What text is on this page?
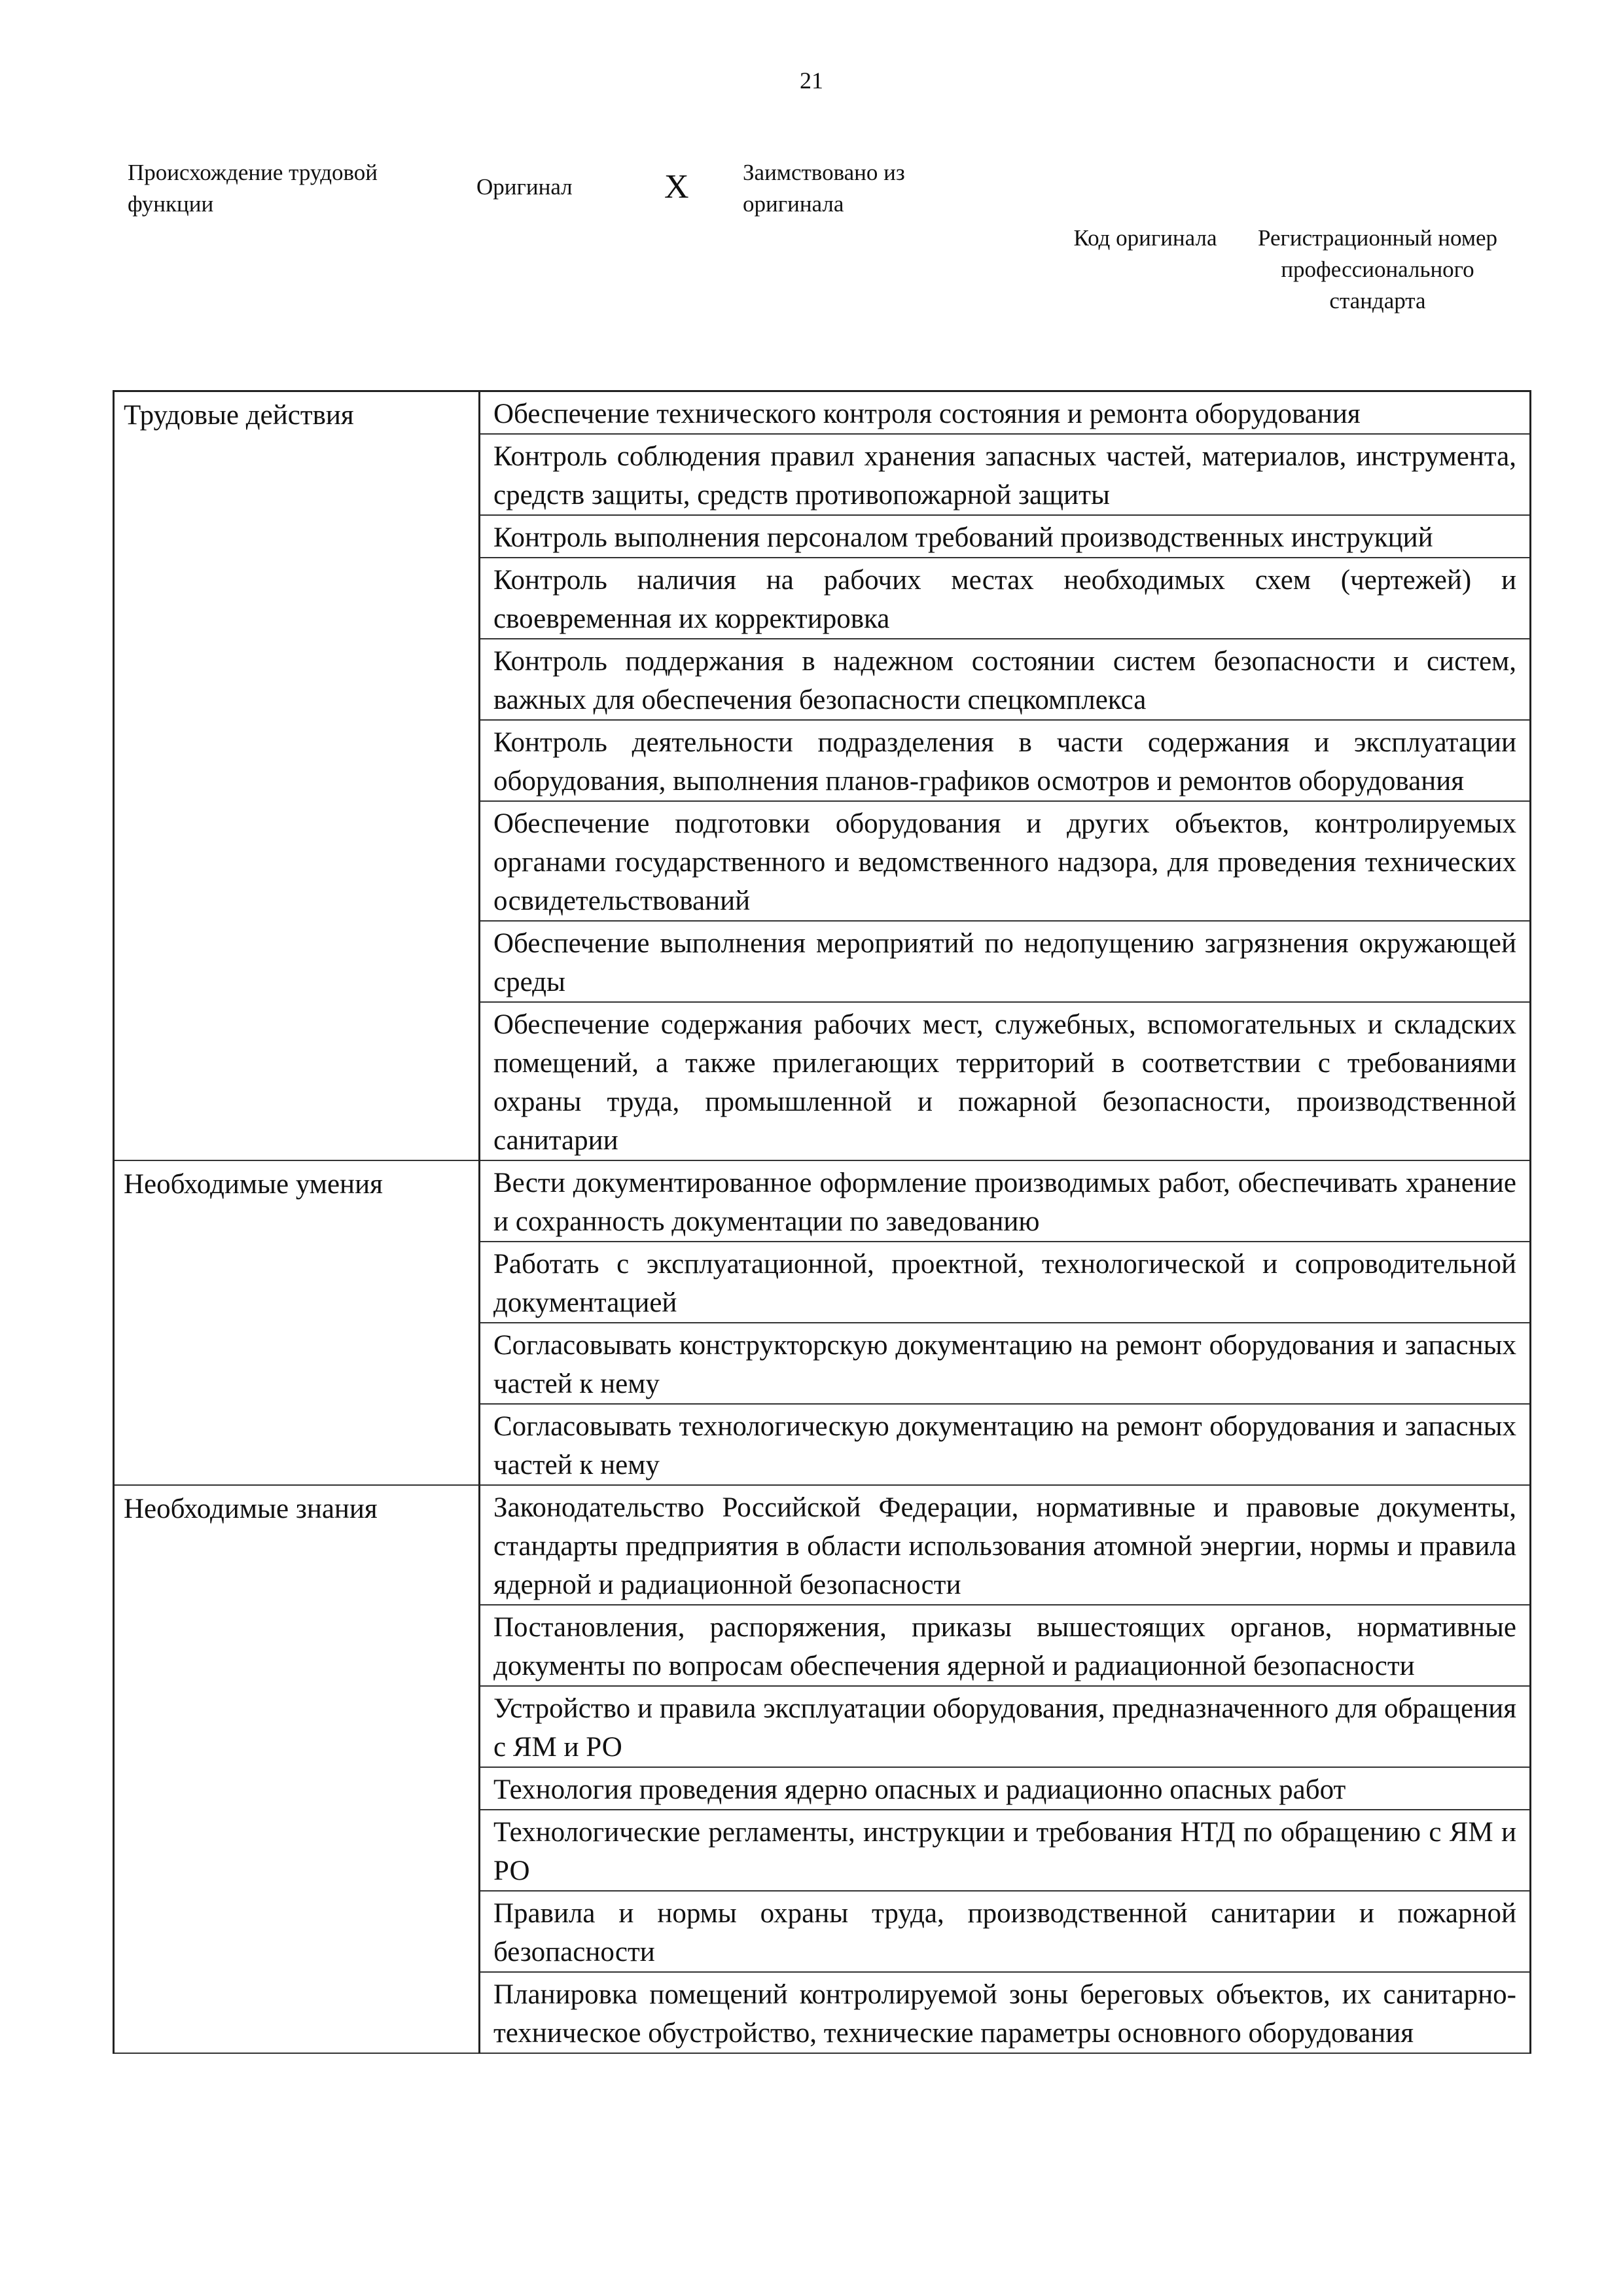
21
Происхождение трудовой функции
Оригинал	X Заимствовано из оригинала
Код оригинала	Регистрационный номер профессионального стандарта
Трудовые действия	Обеспечение технического контроля состояния и ремонта оборудования
	Контроль соблюдения правил хранения запасных частей, материалов, инструмента, средств защиты, средств противопожарной защиты
	Контроль выполнения персоналом требований производственных инструкций
	Контроль наличия на рабочих местах необходимых схем (чертежей) и своевременная их корректировка
	Контроль поддержания в надежном состоянии систем безопасности и систем, важных для обеспечения безопасности спецкомплекса
	Контроль деятельности подразделения в части содержания и эксплуатации оборудования, выполнения планов-графиков осмотров и ремонтов оборудования
	Обеспечение подготовки оборудования и других объектов, контролируемых органами государственного и ведомственного надзора, для проведения технических освидетельствований
	Обеспечение выполнения мероприятий по недопущению загрязнения окружающей среды
	Обеспечение содержания рабочих мест, служебных, вспомогательных и складских помещений, а также прилегающих территорий в соответствии с требованиями охраны труда, промышленной и пожарной безопасности, производственной санитарии
Необходимые умения	Вести документированное оформление производимых работ, обеспечивать хранение и сохранность документации по заведованию
	Работать с эксплуатационной, проектной, технологической и сопроводительной документацией
	Согласовывать конструкторскую документацию на ремонт оборудования и запасных частей к нему
	Согласовывать технологическую документацию на ремонт оборудования и запасных частей к нему
Необходимые знания	Законодательство Российской Федерации, нормативные и правовые документы, стандарты предприятия в области использования атомной энергии, нормы и правила ядерной и радиационной безопасности
	Постановления, распоряжения, приказы вышестоящих органов, нормативные документы по вопросам обеспечения ядерной и радиационной безопасности
	Устройство и правила эксплуатации оборудования, предназначенного для обращения с ЯМ и РО
	Технология проведения ядерно опасных и радиационно опасных работ
	Технологические регламенты, инструкции и требования НТД по обращению с ЯМ и РО
	Правила и нормы охраны труда, производственной санитарии и пожарной безопасности
	Планировка помещений контролируемой зоны береговых объектов, их санитарно-техническое обустройство, технические параметры основного оборудования
